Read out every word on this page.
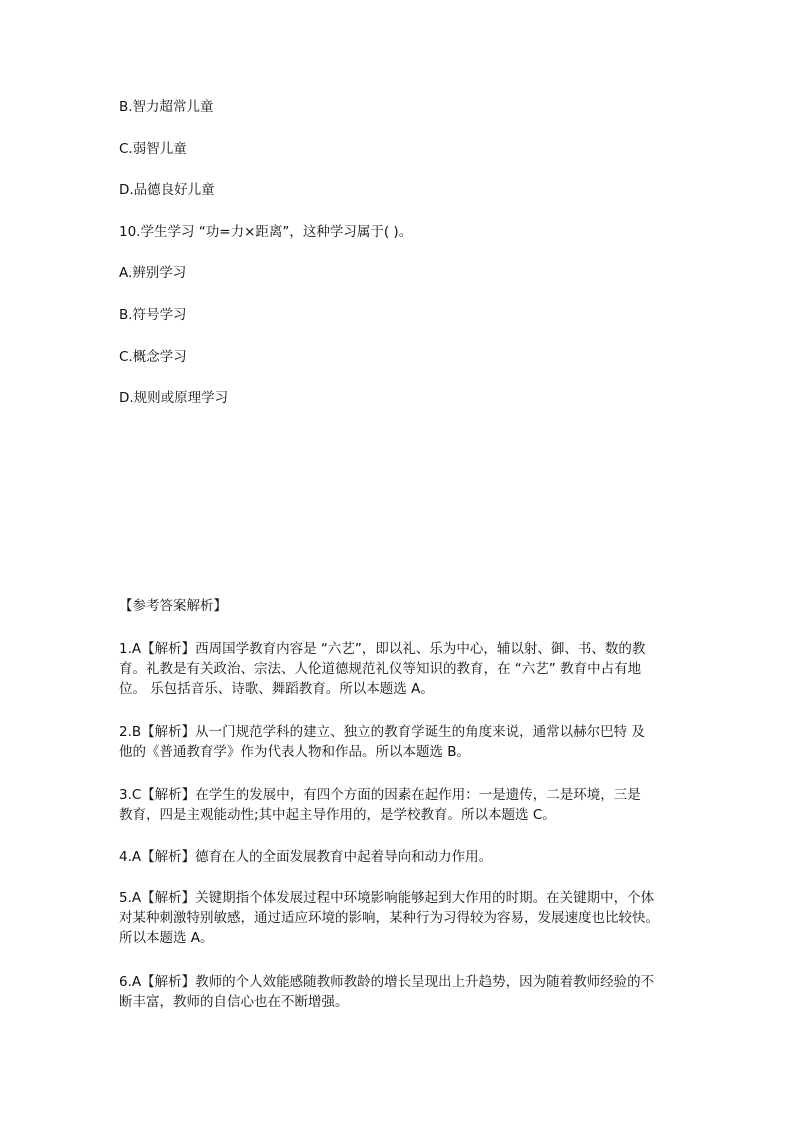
B.智力超常儿童
C.弱智儿童
D.品德良好儿童
10.学生学习 “功=力×距离”，这种学习属于( )。
A.辨别学习
B.符号学习
C.概念学习
D.规则或原理学习
【参考答案解析】

1.A【解析】西周国学教育内容是 “六艺”，即以礼、乐为中心，辅以射、御、书、数的教

育。礼教是有关政治、宗法、人伦道德规范礼仪等知识的教育，在 “六艺” 教育中占有地

位。 乐包括音乐、诗歌、舞蹈教育。所以本题选 A。

2.B【解析】从一门规范学科的建立、独立的教育学诞生的角度来说，通常以赫尔巴特 及

他的《普通教育学》作为代表人物和作品。所以本题选 B。

3.C【解析】在学生的发展中，有四个方面的因素在起作用：一是遗传，二是环境，三是

教育，四是主观能动性;其中起主导作用的，是学校教育。所以本题选 C。

4.A【解析】德育在人的全面发展教育中起着导向和动力作用。

5.A【解析】关键期指个体发展过程中环境影响能够起到大作用的时期。在关键期中，个体

对某种刺激特别敏感，通过适应环境的影响，某种行为习得较为容易，发展速度也比较快。

所以本题选 A。

6.A【解析】教师的个人效能感随教师教龄的增长呈现出上升趋势，因为随着教师经验的不

断丰富，教师的自信心也在不断增强。
